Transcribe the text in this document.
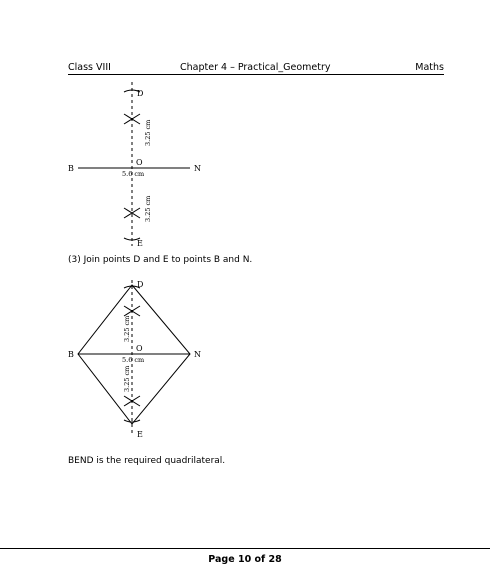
Class VIII	Chapter 4 – Practical_Geometry	Maths
D
O
E
B	N
5.6 cm
3.25 cm
3.25 cm
(3) Join points D and E to points B and N.
D
O
E
B	N
5.6 cm
3.25 cm
3.25 cm
BEND is the required quadrilateral.
Page 10 of 28
